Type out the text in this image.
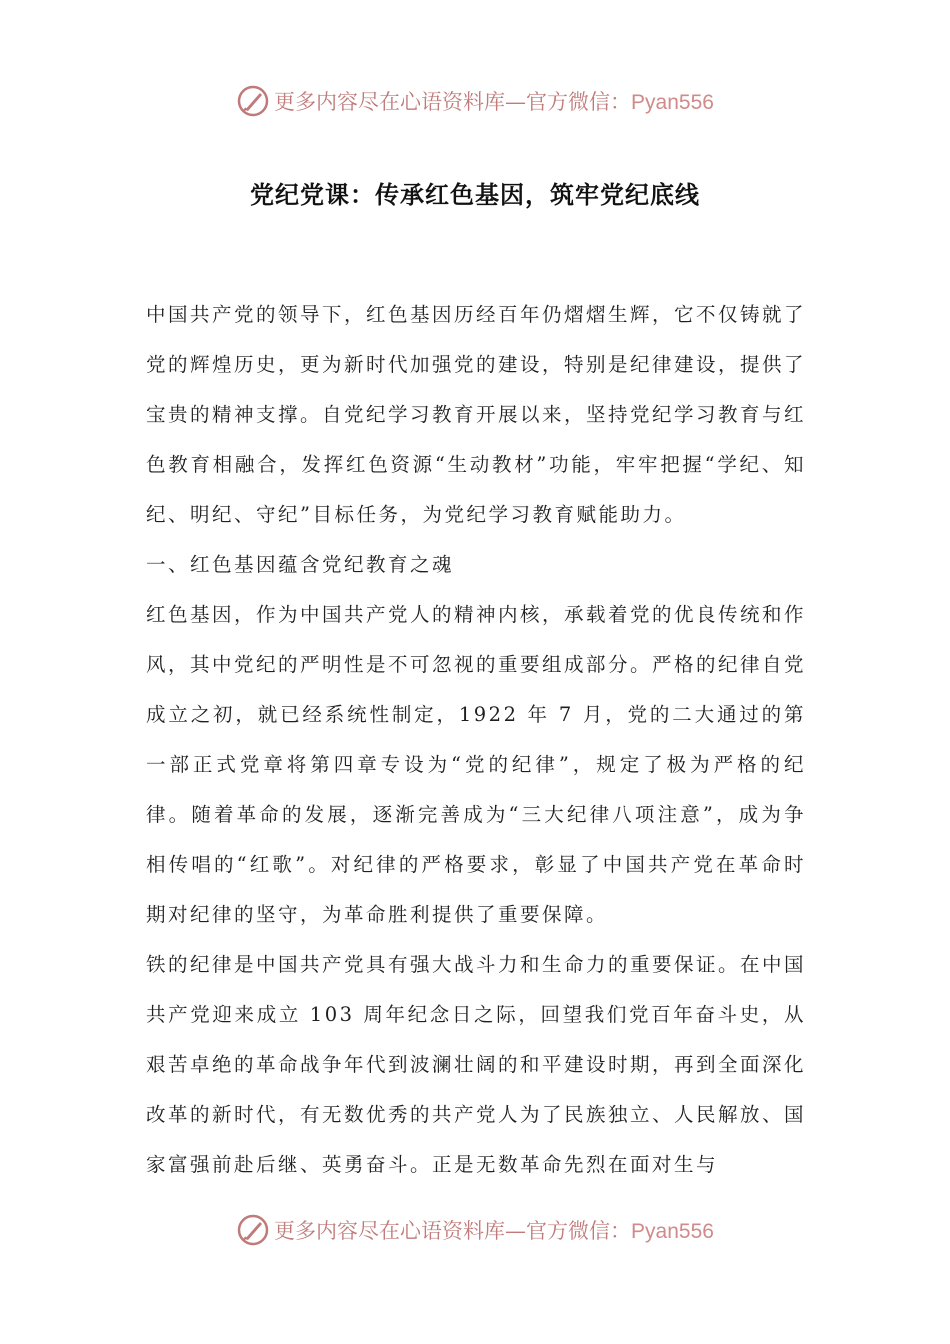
更多内容尽在心语资料库—官方微信：Pyan556
党纪党课：传承红色基因，筑牢党纪底线

中国共产党的领导下，红色基因历经百年仍熠熠生辉，它不仅铸就了党的辉煌历史，更为新时代加强党的建设，特别是纪律建设，提供了宝贵的精神支撑。自党纪学习教育开展以来，坚持党纪学习教育与红色教育相融合，发挥红色资源“生动教材”功能，牢牢把握“学纪、知纪、明纪、守纪”目标任务，为党纪学习教育赋能助力。

一、红色基因蕴含党纪教育之魂

红色基因，作为中国共产党人的精神内核，承载着党的优良传统和作风，其中党纪的严明性是不可忽视的重要组成部分。严格的纪律自党成立之初，就已经系统性制定，1922 年 7 月，党的二大通过的第一部正式党章将第四章专设为“党的纪律”，规定了极为严格的纪律。随着革命的发展，逐渐完善成为“三大纪律八项注意”，成为争相传唱的“红歌”。对纪律的严格要求，彰显了中国共产党在革命时期对纪律的坚守，为革命胜利提供了重要保障。

铁的纪律是中国共产党具有强大战斗力和生命力的重要保证。在中国共产党迎来成立 103 周年纪念日之际，回望我们党百年奋斗史，从艰苦卓绝的革命战争年代到波澜壮阔的和平建设时期，再到全面深化改革的新时代，有无数优秀的共产党人为了民族独立、人民解放、国家富强前赴后继、英勇奋斗。正是无数革命先烈在面对生与

更多内容尽在心语资料库—官方微信：Pyan556
